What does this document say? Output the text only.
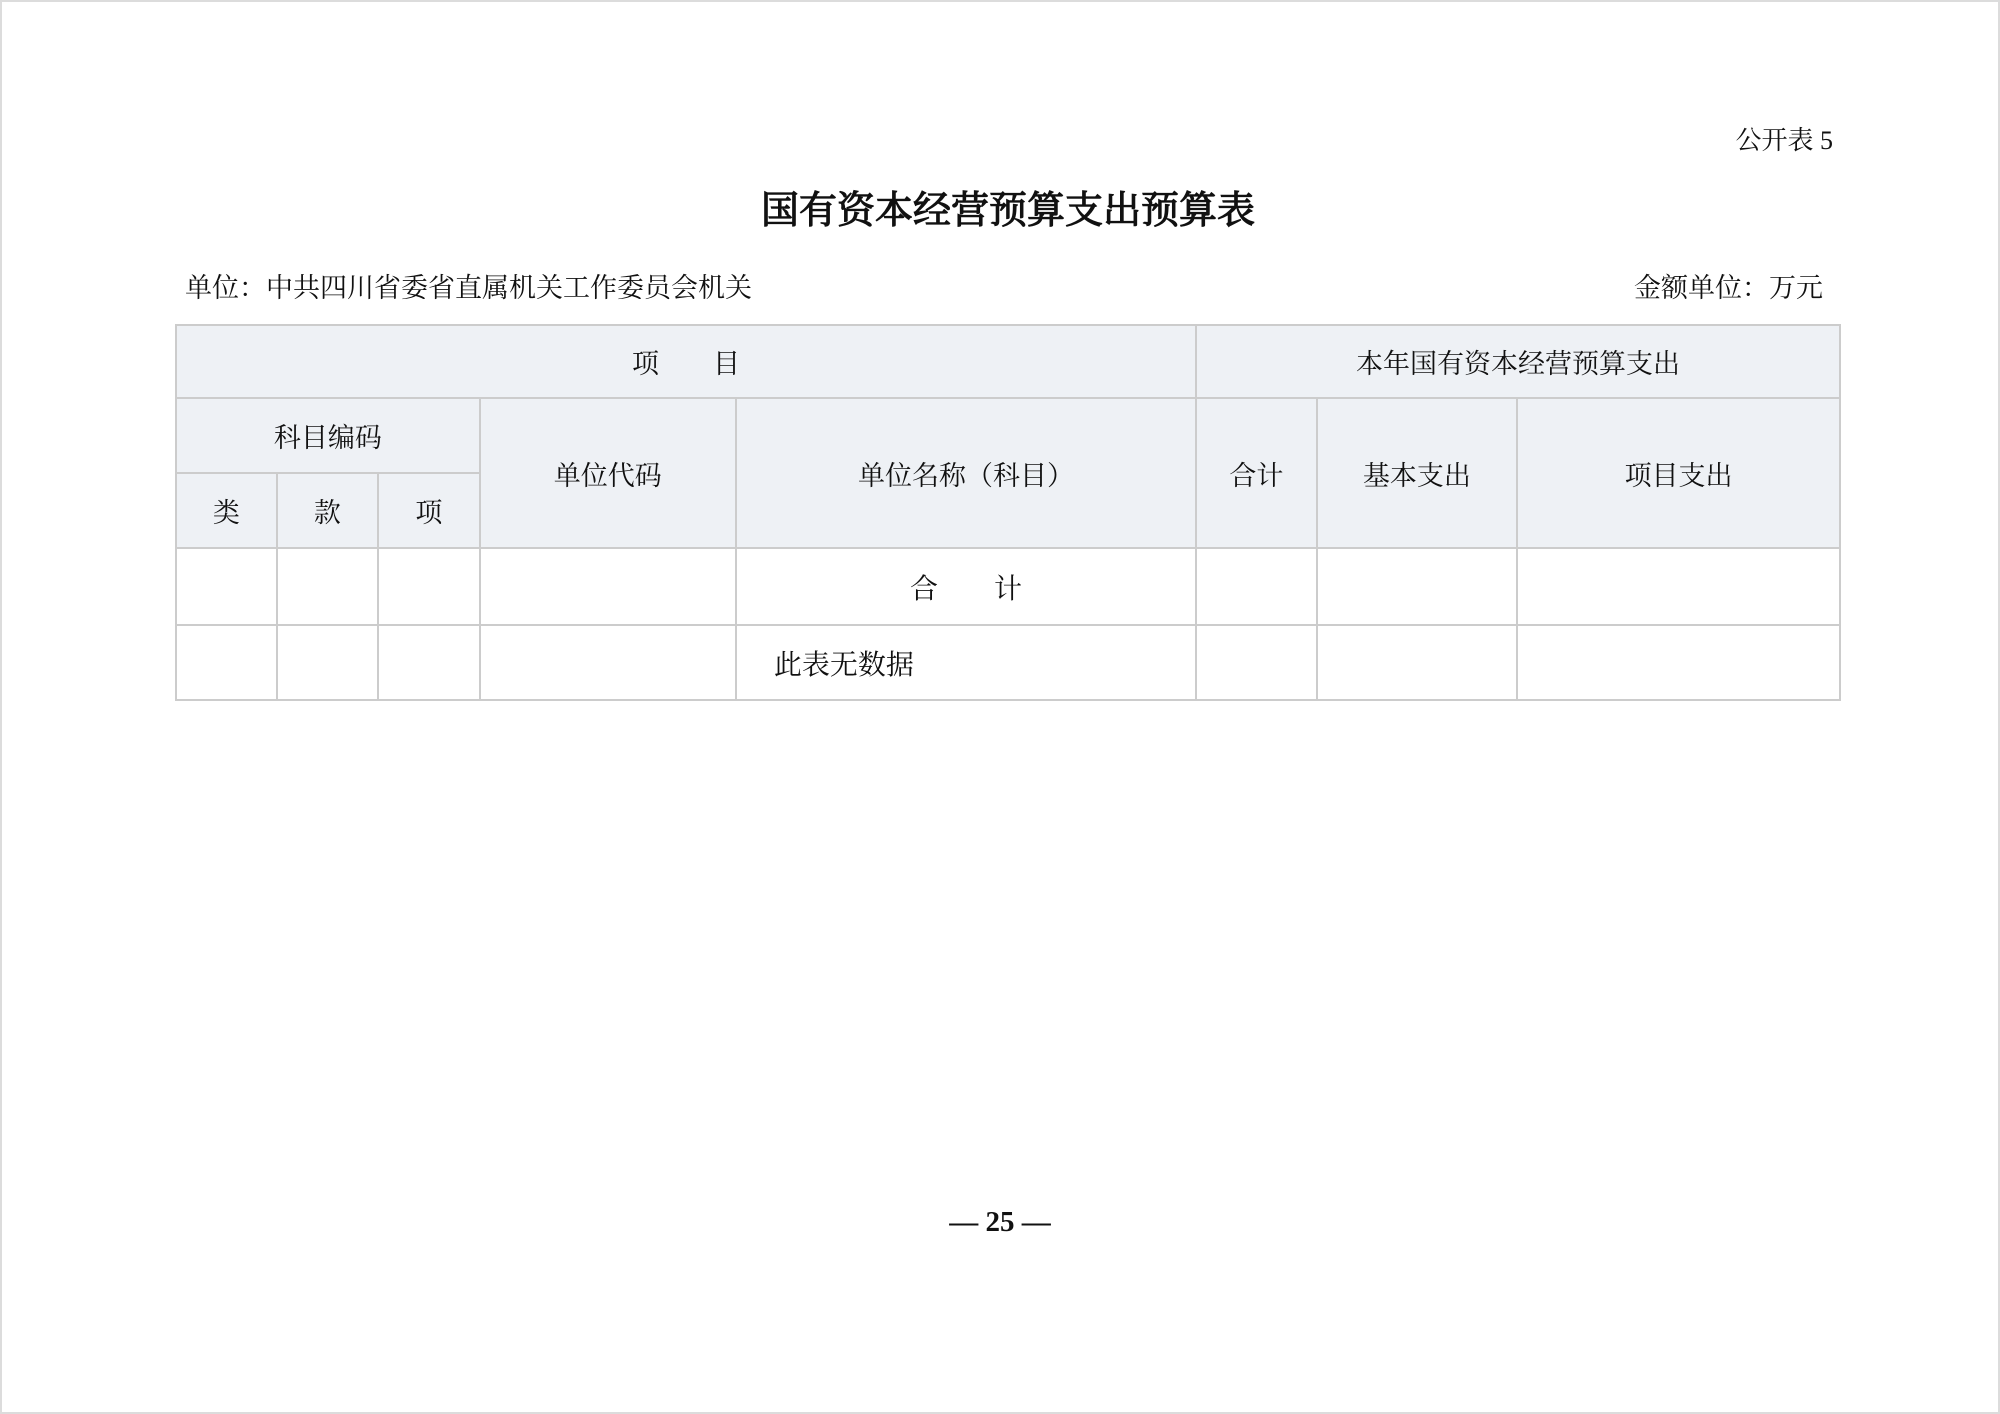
公开表 5
国有资本经营预算支出预算表
单位：中共四川省委省直属机关工作委员会机关	金额单位：万元
项　　目					本年国有资本经营预算支出		
科目编码			单位代码	单位名称（科目）	合计	基本支出	项目支出
类	款	项					
				合　　计			
				此表无数据			
— 25 —
